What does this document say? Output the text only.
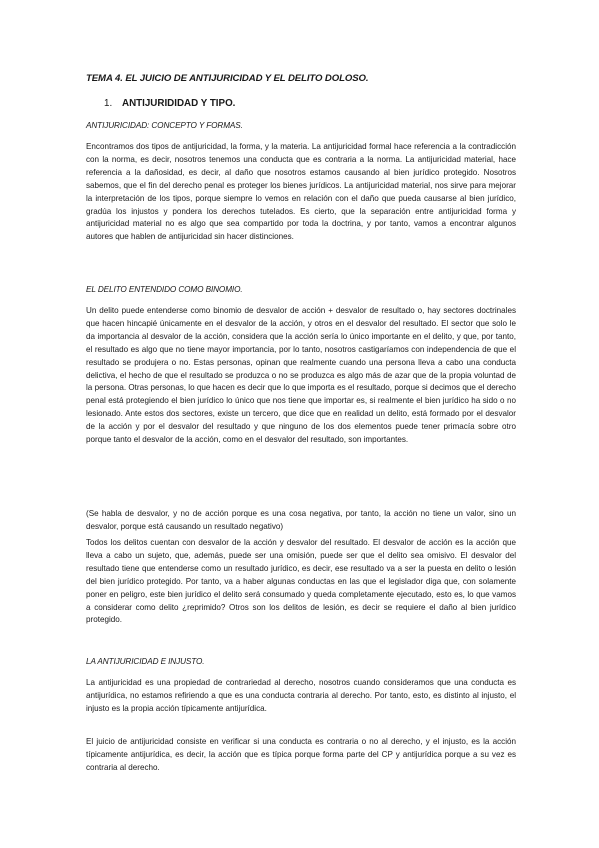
TEMA 4. EL JUICIO DE ANTIJURICIDAD Y EL DELITO DOLOSO.
1. ANTIJURIDIDAD Y TIPO.
ANTIJURICIDAD: CONCEPTO Y FORMAS.

Encontramos dos tipos de antijuricidad, la forma, y la materia. La antijuricidad formal hace referencia a la contradicción con la norma, es decir, nosotros tenemos una conducta que es contraria a la norma. La antijuricidad material, hace referencia a la dañosidad, es decir, al daño que nosotros estamos causando al bien jurídico protegido. Nosotros sabemos, que el fin del derecho penal es proteger los bienes jurídicos. La antijuricidad material, nos sirve para mejorar la interpretación de los tipos, porque siempre lo vemos en relación con el daño que pueda causarse al bien jurídico, gradúa los injustos y pondera los derechos tutelados. Es cierto, que la separación entre antijuricidad forma y antijuricidad material no es algo que sea compartido por toda la doctrina, y por tanto, vamos a encontrar algunos autores que hablen de antijuricidad sin hacer distinciones.

EL DELITO ENTENDIDO COMO BINOMIO.

Un delito puede entenderse como binomio de desvalor de acción + desvalor de resultado o, hay sectores doctrinales que hacen hincapié únicamente en el desvalor de la acción, y otros en el desvalor del resultado. El sector que solo le da importancia al desvalor de la acción, considera que la acción sería lo único importante en el delito, y que, por tanto, el resultado es algo que no tiene mayor importancia, por lo tanto, nosotros castigaríamos con independencia de que el resultado se produjera o no. Estas personas, opinan que realmente cuando una persona lleva a cabo una conducta delictiva, el hecho de que el resultado se produzca o no se produzca es algo más de azar que de la propia voluntad de la persona. Otras personas, lo que hacen es decir que lo que importa es el resultado, porque si decimos que el derecho penal está protegiendo el bien jurídico lo único que nos tiene que importar es, si realmente el bien jurídico ha sido o no lesionado. Ante estos dos sectores, existe un tercero, que dice que en realidad un delito, está formado por el desvalor de la acción y por el desvalor del resultado y que ninguno de los dos elementos puede tener primacía sobre otro porque tanto el desvalor de la acción, como en el desvalor del resultado, son importantes.

(Se habla de desvalor, y no de acción porque es una cosa negativa, por tanto, la acción no tiene un valor, sino un desvalor, porque está causando un resultado negativo)

Todos los delitos cuentan con desvalor de la acción y desvalor del resultado. El desvalor de acción es la acción que lleva a cabo un sujeto, que, además, puede ser una omisión, puede ser que el delito sea omisivo. El desvalor del resultado tiene que entenderse como un resultado jurídico, es decir, ese resultado va a ser la puesta en delito o lesión del bien jurídico protegido. Por tanto, va a haber algunas conductas en las que el legislador diga que, con solamente poner en peligro, este bien jurídico el delito será consumado y queda completamente ejecutado, esto es, lo que vamos a considerar como delito ¿reprimido? Otros son los delitos de lesión, es decir se requiere el daño al bien jurídico protegido.

LA ANTIJURICIDAD E INJUSTO.

La antijuricidad es una propiedad de contrariedad al derecho, nosotros cuando consideramos que una conducta es antijurídica, no estamos refiriendo a que es una conducta contraria al derecho. Por tanto, esto, es distinto al injusto, el injusto es la propia acción típicamente antijurídica.

El juicio de antijuricidad consiste en verificar si una conducta es contraria o no al derecho, y el injusto, es la acción típicamente antijurídica, es decir, la acción que es típica porque forma parte del CP y antijurídica porque a su vez es contraria al derecho.
